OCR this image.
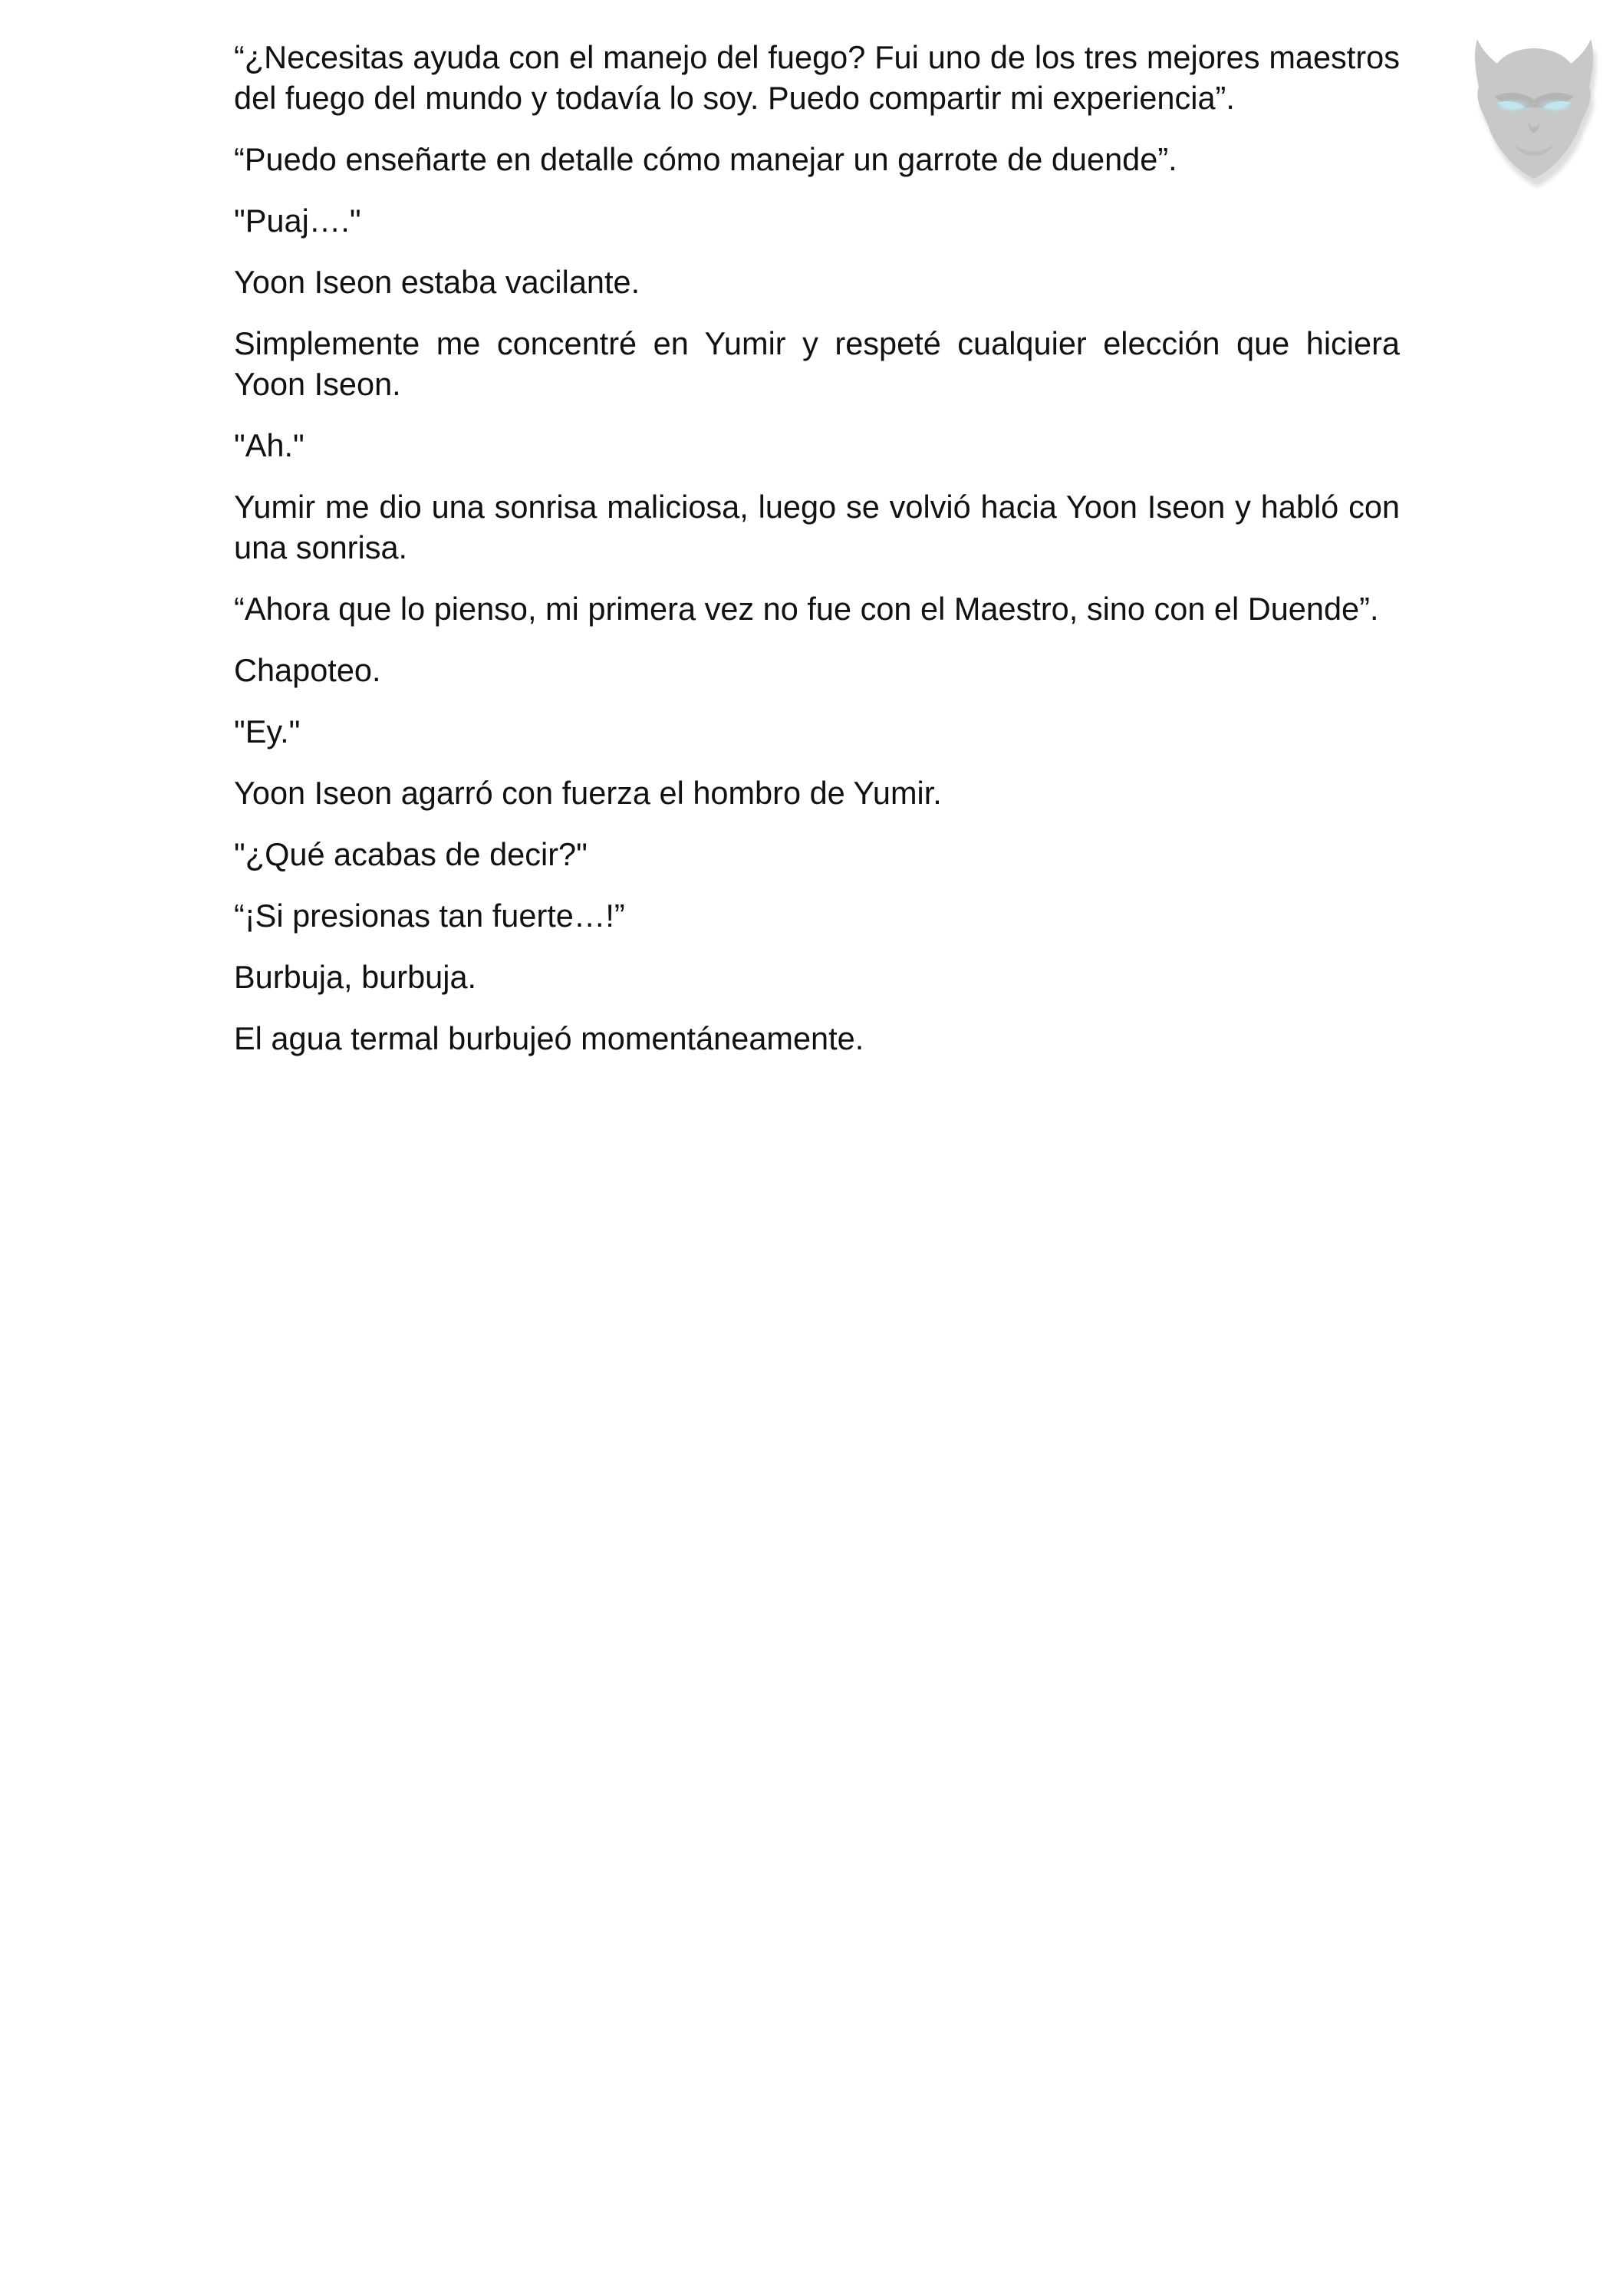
“¿Necesitas ayuda con el manejo del fuego? Fui uno de los tres mejores maestros del fuego del mundo y todavía lo soy. Puedo compartir mi experiencia”.

“Puedo enseñarte en detalle cómo manejar un garrote de duende”.

"Puaj…."

Yoon Iseon estaba vacilante.

Simplemente me concentré en Yumir y respeté cualquier elección que hiciera Yoon Iseon.

"Ah."

Yumir me dio una sonrisa maliciosa, luego se volvió hacia Yoon Iseon y habló con una sonrisa.

“Ahora que lo pienso, mi primera vez no fue con el Maestro, sino con el Duende”.

Chapoteo.

"Ey."

Yoon Iseon agarró con fuerza el hombro de Yumir.

"¿Qué acabas de decir?"

“¡Si presionas tan fuerte…!”

Burbuja, burbuja.

El agua termal burbujeó momentáneamente.
